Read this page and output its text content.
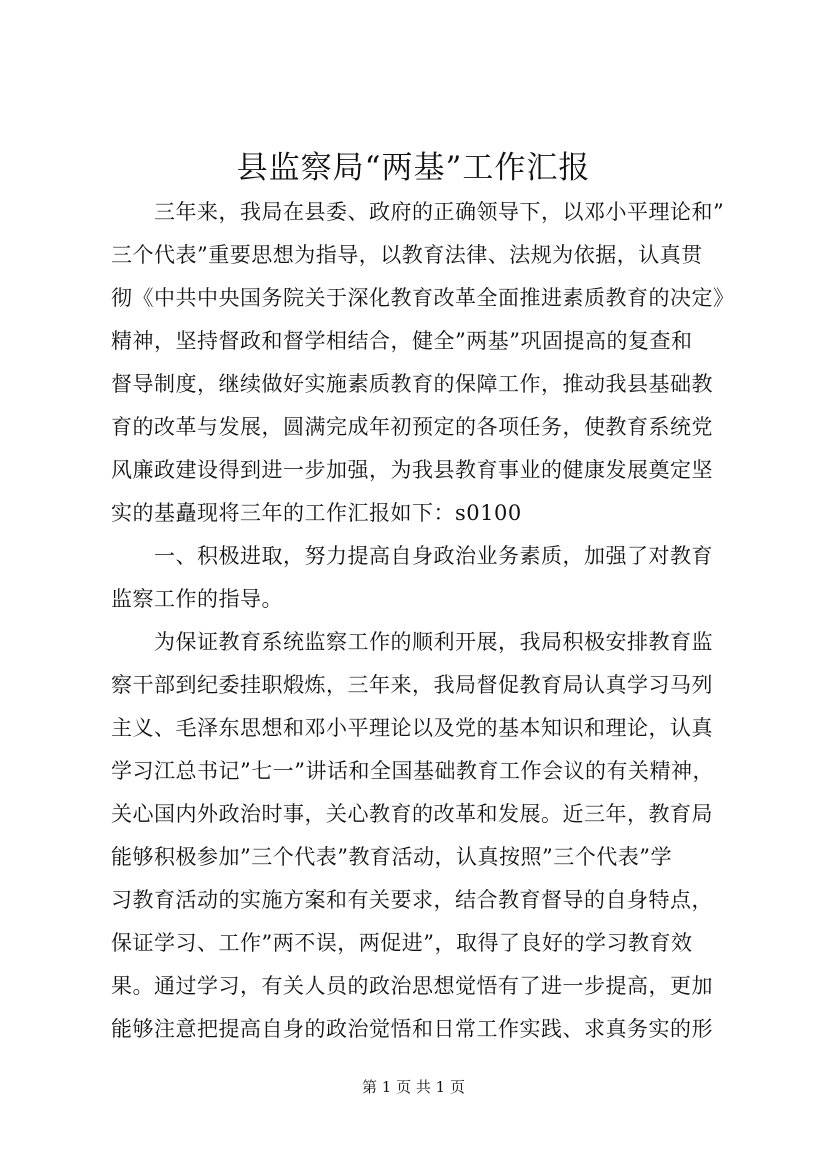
县监察局“两基”工作汇报

　　三年来，我局在县委、政府的正确领导下，以邓小平理论和”

三个代表”重要思想为指导，以教育法律、法规为依据，认真贯

彻《中共中央国务院关于深化教育改革全面推进素质教育的决定》

精神，坚持督政和督学相结合，健全”两基”巩固提高的复查和

督导制度，继续做好实施素质教育的保障工作，推动我县基础教

育的改革与发展，圆满完成年初预定的各项任务，使教育系统党

风廉政建设得到进一步加强，为我县教育事业的健康发展奠定坚

实的基矗现将三年的工作汇报如下：s0100

　　一、积极进取，努力提高自身政治业务素质，加强了对教育

监察工作的指导。

　　为保证教育系统监察工作的顺利开展，我局积极安排教育监

察干部到纪委挂职煅炼，三年来，我局督促教育局认真学习马列

主义、毛泽东思想和邓小平理论以及党的基本知识和理论，认真

学习江总书记”七一”讲话和全国基础教育工作会议的有关精神，

关心国内外政治时事，关心教育的改革和发展。近三年，教育局

能够积极参加”三个代表”教育活动，认真按照”三个代表”学

习教育活动的实施方案和有关要求，结合教育督导的自身特点，

保证学习、工作”两不误，两促进”，取得了良好的学习教育效

果。通过学习，有关人员的政治思想觉悟有了进一步提高，更加

能够注意把提高自身的政治觉悟和日常工作实践、求真务实的形

第 1 页 共 1 页
